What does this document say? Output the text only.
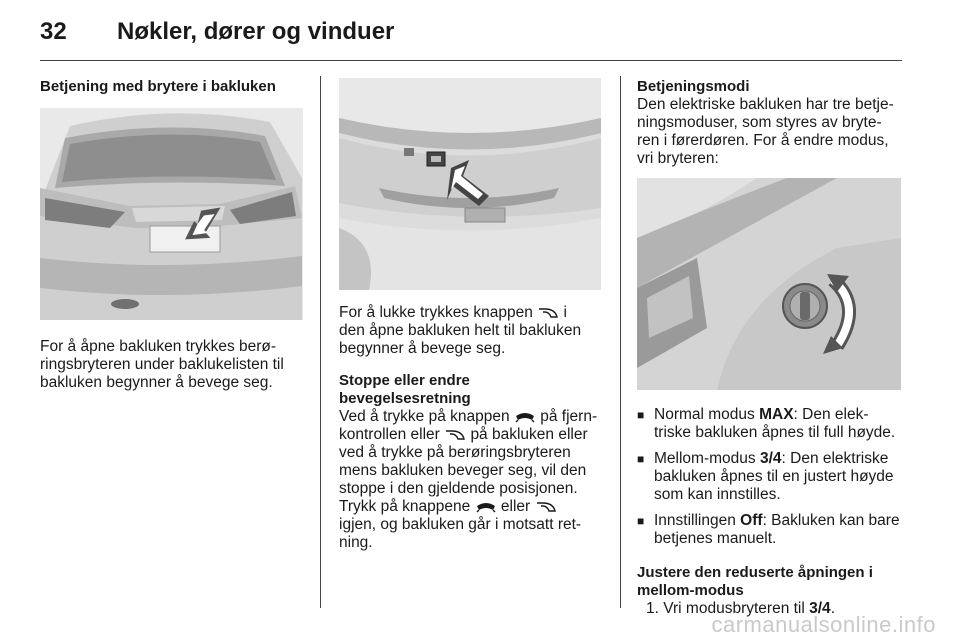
32 Nøkler, dører og vinduer

Betjening med brytere i bakluken

For å åpne bakluken trykkes berø-

ringsbryteren under baklukelisten til

bakluken begynner å bevege seg.

For å lukke trykkes knappen i

den åpne bakluken helt til bakluken

begynner å bevege seg.

Stoppe eller endre bevegelsesretning

Ved å trykke på knappen på fjern-

kontrollen eller på bakluken eller

ved å trykke på berøringsbryteren

mens bakluken beveger seg, vil den

stoppe i den gjeldende posisjonen.

Trykk på knappene eller

igjen, og bakluken går i motsatt ret-

ning.

Betjeningsmodi

Den elektriske bakluken har tre betje-

ningsmoduser, som styres av bryte-

ren i førerdøren. For å endre modus,

vri bryteren:

■ Normal modus MAX: Den elek-

triske bakluken åpnes til full høyde.

■ Mellom-modus 3/4: Den elektriske

bakluken åpnes til en justert høyde

som kan innstilles.

■ Innstillingen Off: Bakluken kan bare

betjenes manuelt.

Justere den reduserte åpningen i

mellom-modus

1. Vri modusbryteren til 3/4.

carmanualsonline.info
